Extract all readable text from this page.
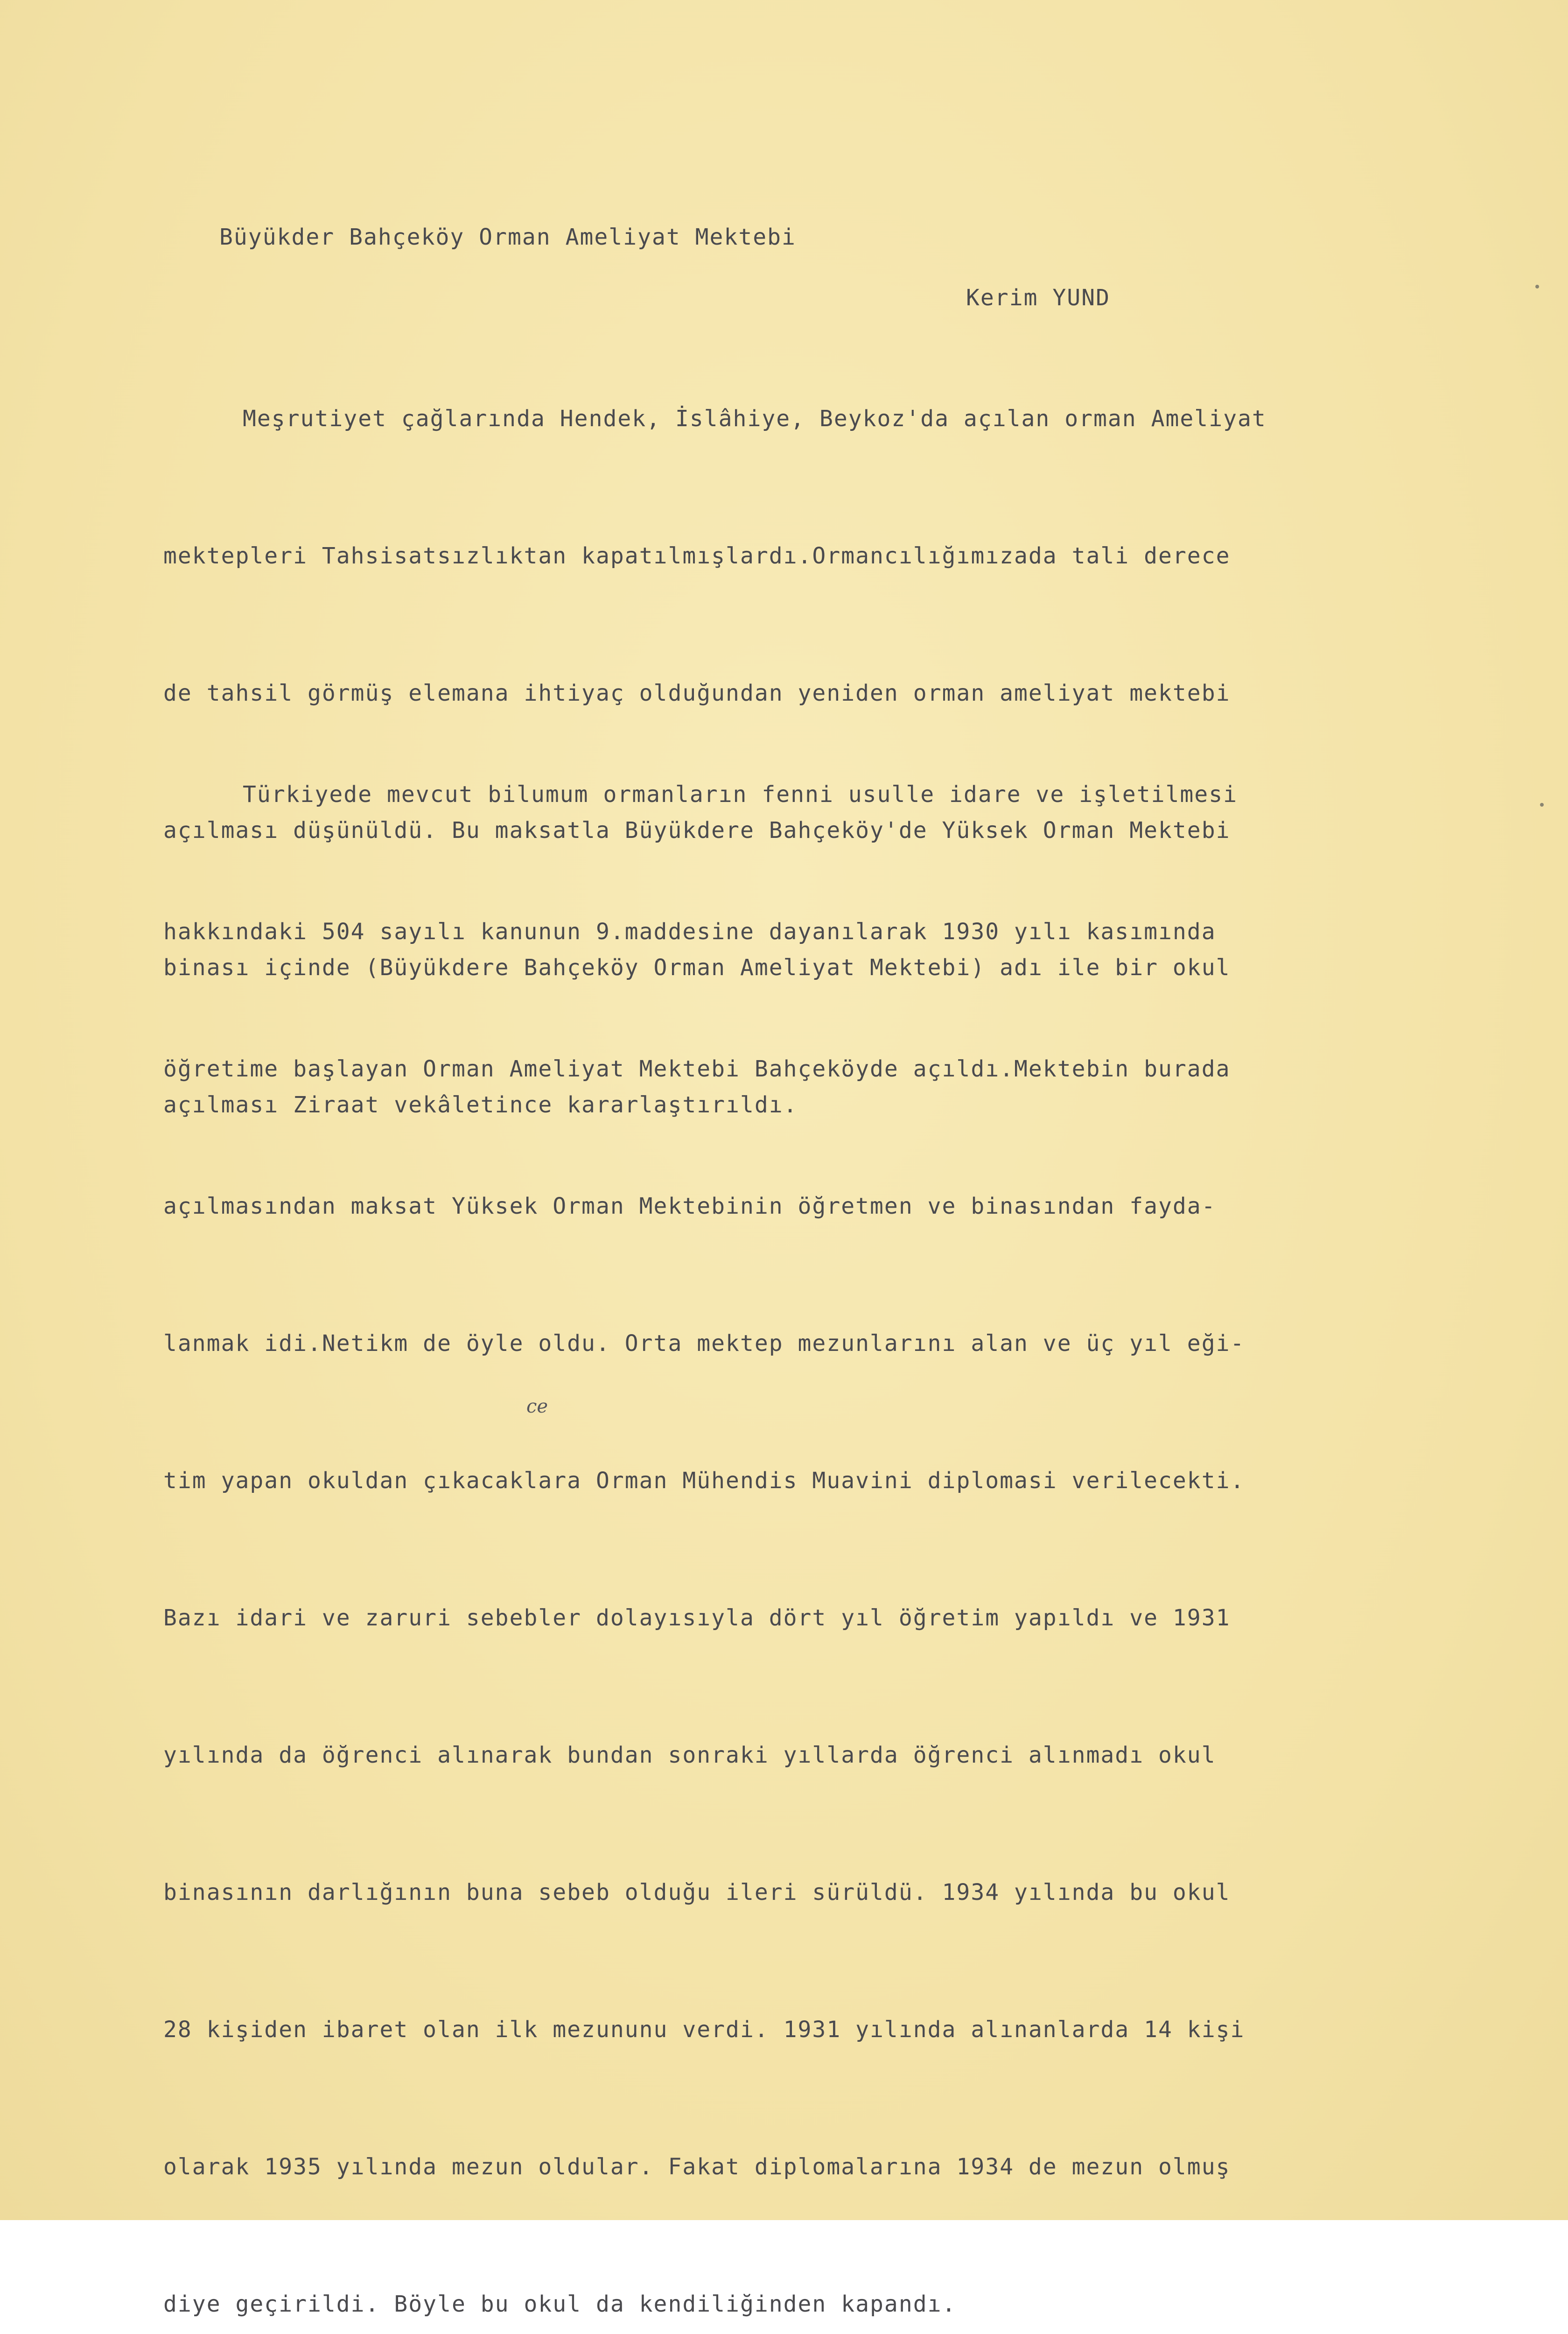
Büyükder Bahçeköy Orman Ameliyat Mektebi
Kerim YUND

Meşrutiyet çağlarında Hendek, İslâhiye, Beykoz'da açılan orman Ameliyat

mektepleri Tahsisatsızlıktan kapatılmışlardı.Ormancılığımızada tali derece

de tahsil görmüş elemana ihtiyaç olduğundan yeniden orman ameliyat mektebi

açılması düşünüldü. Bu maksatla Büyükdere Bahçeköy'de Yüksek Orman Mektebi

binası içinde (Büyükdere Bahçeköy Orman Ameliyat Mektebi) adı ile bir okul

açılması Ziraat vekâletince kararlaştırıldı.

Türkiyede mevcut bilumum ormanların fenni usulle idare ve işletilmesi

hakkındaki 504 sayılı kanunun 9.maddesine dayanılarak 1930 yılı kasımında

öğretime başlayan Orman Ameliyat Mektebi Bahçeköyde açıldı.Mektebin burada

açılmasından maksat Yüksek Orman Mektebinin öğretmen ve binasından fayda-

lanmak idi.Netikm de öyle oldu. Orta mektep mezunlarını alan ve üç yıl eği-

tim yapan okuldan çıkacaklara Orman Mühendis Muavini diplomasi verilecekti.

Bazı idari ve zaruri sebebler dolayısıyla dört yıl öğretim yapıldı ve 1931

yılında da öğrenci alınarak bundan sonraki yıllarda öğrenci alınmadı okul

binasının darlığının buna sebeb olduğu ileri sürüldü. 1934 yılında bu okul

28 kişiden ibaret olan ilk mezununu verdi. 1931 yılında alınanlarda 14 kişi

olarak 1935 yılında mezun oldular. Fakat diplomalarına 1934 de mezun olmuş

diye geçirildi. Böyle bu okul da kendiliğinden kapandı.

ce
